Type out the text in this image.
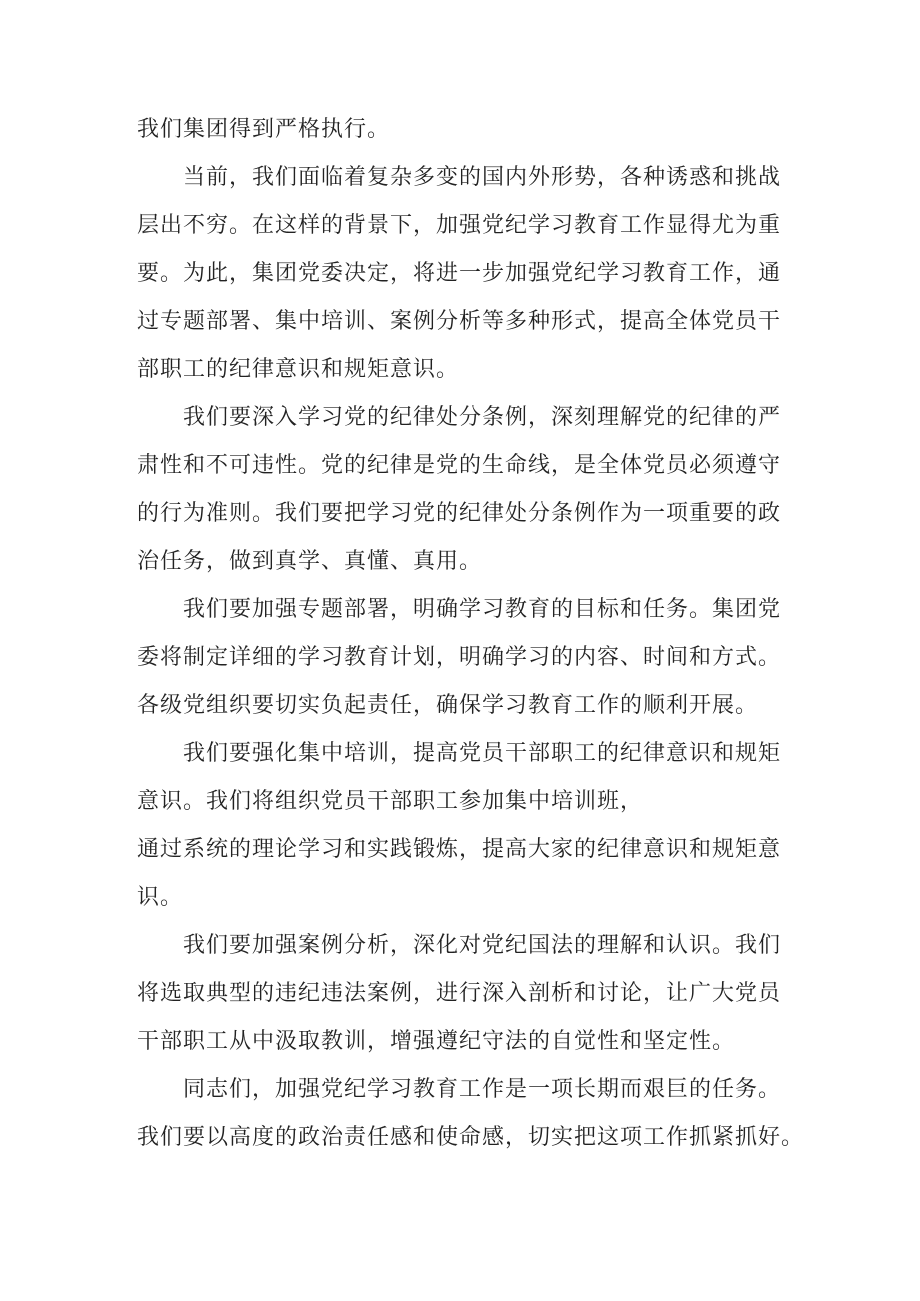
我们集团得到严格执行。
当前，我们面临着复杂多变的国内外形势，各种诱惑和挑战
层出不穷。在这样的背景下，加强党纪学习教育工作显得尤为重
要。为此，集团党委决定，将进一步加强党纪学习教育工作，通
过专题部署、集中培训、案例分析等多种形式，提高全体党员干
部职工的纪律意识和规矩意识。
我们要深入学习党的纪律处分条例，深刻理解党的纪律的严
肃性和不可违性。党的纪律是党的生命线，是全体党员必须遵守
的行为准则。我们要把学习党的纪律处分条例作为一项重要的政
治任务，做到真学、真懂、真用。
我们要加强专题部署，明确学习教育的目标和任务。集团党
委将制定详细的学习教育计划，明确学习的内容、时间和方式。
各级党组织要切实负起责任，确保学习教育工作的顺利开展。
我们要强化集中培训，提高党员干部职工的纪律意识和规矩
意识。我们将组织党员干部职工参加集中培训班，
通过系统的理论学习和实践锻炼，提高大家的纪律意识和规矩意
识。
我们要加强案例分析，深化对党纪国法的理解和认识。我们
将选取典型的违纪违法案例，进行深入剖析和讨论，让广大党员
干部职工从中汲取教训，增强遵纪守法的自觉性和坚定性。
同志们，加强党纪学习教育工作是一项长期而艰巨的任务。
我们要以高度的政治责任感和使命感，切实把这项工作抓紧抓好。
